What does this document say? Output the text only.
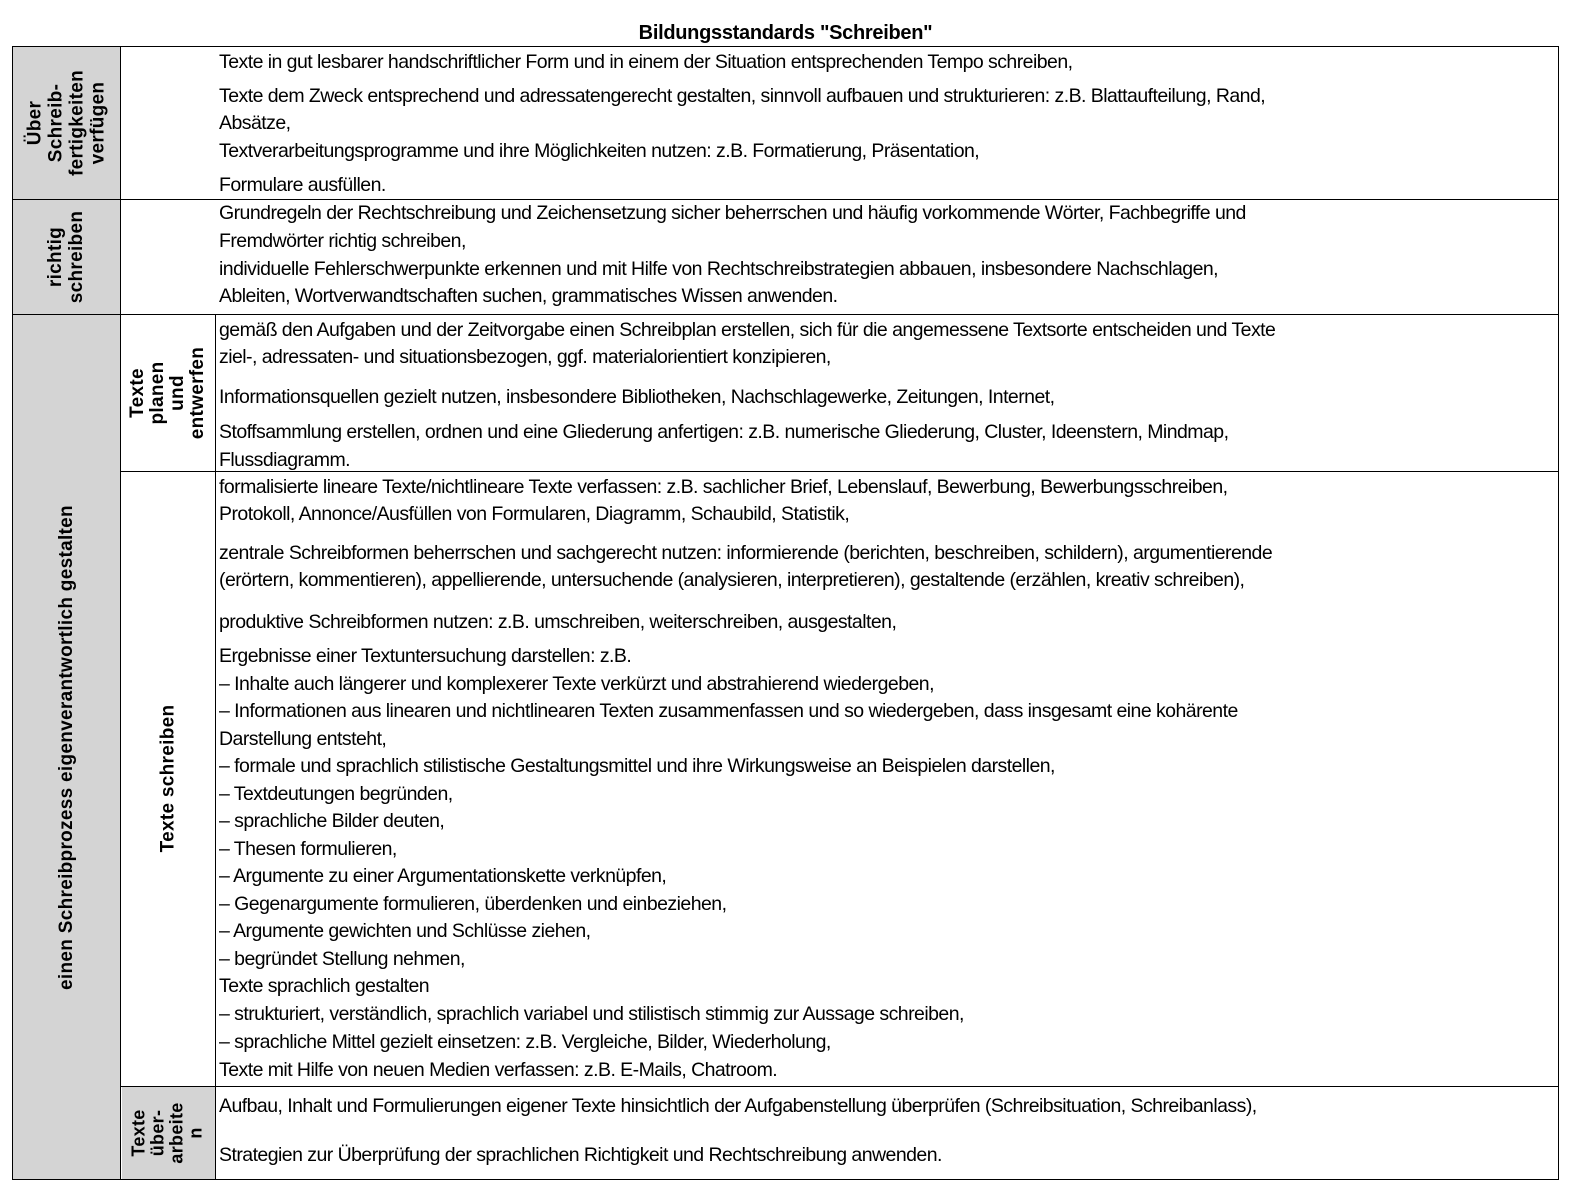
Bildungsstandards "Schreiben"
Über Schreib-
fertigkeiten
verfügen
richtig
schreiben
einen Schreibprozess eigenverantwortlich gestalten
Texte planen
und
entwerfen
Texte schreiben
Texte
über-
arbeite
n
Texte in gut lesbarer handschriftlicher Form und in einem der Situation entsprechenden Tempo schreiben,
Texte dem Zweck entsprechend und adressatengerecht gestalten, sinnvoll aufbauen und strukturieren: z.B. Blattaufteilung, Rand,
Absätze,
Textverarbeitungsprogramme und ihre Möglichkeiten nutzen: z.B. Formatierung, Präsentation,
Formulare ausfüllen.
Grundregeln der Rechtschreibung und Zeichensetzung sicher beherrschen und häufig vorkommende Wörter, Fachbegriffe und
Fremdwörter richtig schreiben,
individuelle Fehlerschwerpunkte erkennen und mit Hilfe von Rechtschreibstrategien abbauen, insbesondere Nachschlagen,
Ableiten, Wortverwandtschaften suchen, grammatisches Wissen anwenden.
gemäß den Aufgaben und der Zeitvorgabe einen Schreibplan erstellen, sich für die angemessene Textsorte entscheiden und Texte
ziel-, adressaten- und situationsbezogen, ggf. materialorientiert konzipieren,
Informationsquellen gezielt nutzen, insbesondere Bibliotheken, Nachschlagewerke, Zeitungen, Internet,
Stoffsammlung erstellen, ordnen und eine Gliederung anfertigen: z.B. numerische Gliederung, Cluster, Ideenstern, Mindmap,
Flussdiagramm.
formalisierte lineare Texte/nichtlineare Texte verfassen: z.B. sachlicher Brief, Lebenslauf, Bewerbung, Bewerbungsschreiben,
Protokoll, Annonce/Ausfüllen von Formularen, Diagramm, Schaubild, Statistik,
zentrale Schreibformen beherrschen und sachgerecht nutzen: informierende (berichten, beschreiben, schildern), argumentierende
(erörtern, kommentieren), appellierende, untersuchende (analysieren, interpretieren), gestaltende (erzählen, kreativ schreiben),
produktive Schreibformen nutzen: z.B. umschreiben, weiterschreiben, ausgestalten,
Ergebnisse einer Textuntersuchung darstellen: z.B.
– Inhalte auch längerer und komplexerer Texte verkürzt und abstrahierend wiedergeben,
– Informationen aus linearen und nichtlinearen Texten zusammenfassen und so wiedergeben, dass insgesamt eine kohärente
Darstellung entsteht,
– formale und sprachlich stilistische Gestaltungsmittel und ihre Wirkungsweise an Beispielen darstellen,
– Textdeutungen begründen,
– sprachliche Bilder deuten,
– Thesen formulieren,
– Argumente zu einer Argumentationskette verknüpfen,
– Gegenargumente formulieren, überdenken und einbeziehen,
– Argumente gewichten und Schlüsse ziehen,
– begründet Stellung nehmen,
Texte sprachlich gestalten
– strukturiert, verständlich, sprachlich variabel und stilistisch stimmig zur Aussage schreiben,
– sprachliche Mittel gezielt einsetzen: z.B. Vergleiche, Bilder, Wiederholung,
Texte mit Hilfe von neuen Medien verfassen: z.B. E-Mails, Chatroom.
Aufbau, Inhalt und Formulierungen eigener Texte hinsichtlich der Aufgabenstellung überprüfen (Schreibsituation, Schreibanlass),
Strategien zur Überprüfung der sprachlichen Richtigkeit und Rechtschreibung anwenden.
